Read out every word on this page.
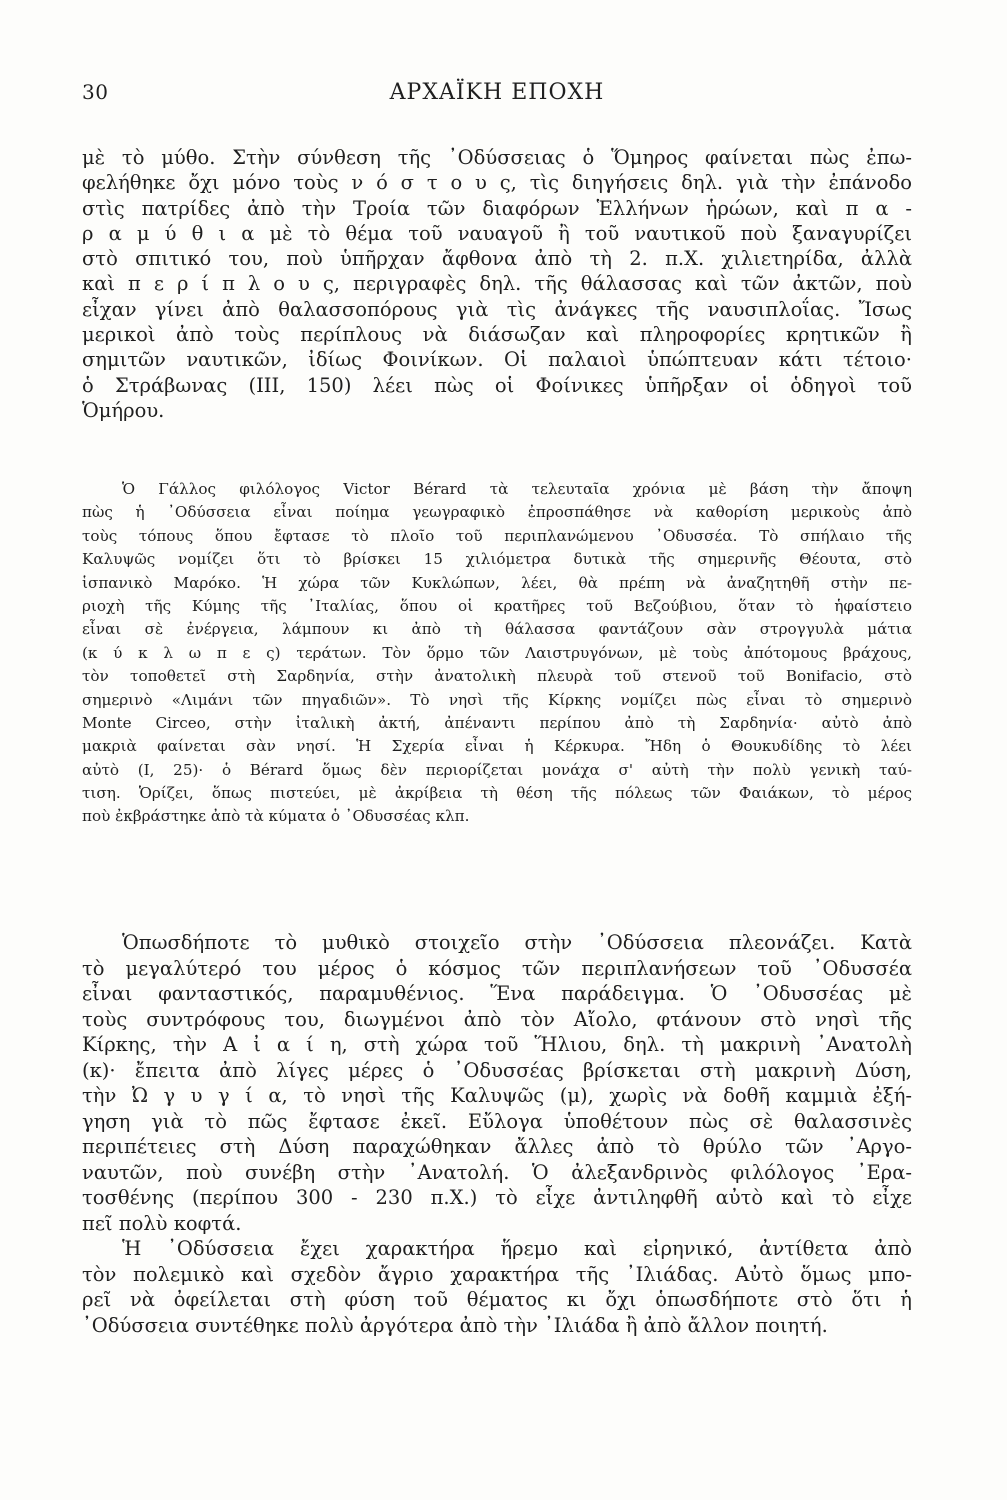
30	ΑΡΧΑΪΚΗ ΕΠΟΧΗ
μὲ τὸ μύθο. Στὴν σύνθεση τῆς ᾿Οδύσσειας ὁ Ὅμηρος φαίνεται πὼς ἐπω-
φελήθηκε ὄχι μόνο τοὺς ν ό σ τ ο υ ς, τὶς διηγήσεις δηλ. γιὰ τὴν ἐπάνοδο
στὶς πατρίδες ἀπὸ τὴν Τροία τῶν διαφόρων Ἑλλήνων ἡρώων, καὶ π α -
ρ α μ ύ θ ι α μὲ τὸ θέμα τοῦ ναυαγοῦ ἢ τοῦ ναυτικοῦ ποὺ ξαναγυρίζει
στὸ σπιτικό του, ποὺ ὑπῆρχαν ἄφθονα ἀπὸ τὴ 2. π.Χ. χιλιετηρίδα, ἀλλὰ
καὶ π ε ρ ί π λ ο υ ς, περιγραφὲς δηλ. τῆς θάλασσας καὶ τῶν ἀκτῶν, ποὺ
εἶχαν γίνει ἀπὸ θαλασσοπόρους γιὰ τὶς ἀνάγκες τῆς ναυσιπλοΐας. Ἴσως
μερικοὶ ἀπὸ τοὺς περίπλους νὰ διάσωζαν καὶ πληροφορίες κρητικῶν ἢ
σημιτῶν ναυτικῶν, ἰδίως Φοινίκων. Οἱ παλαιοὶ ὑπώπτευαν κάτι τέτοιο·
ὁ Στράβωνας (III, 150) λέει πὼς οἱ Φοίνικες ὑπῆρξαν οἱ ὁδηγοὶ τοῦ
Ὁμήρου.
Ὁ Γάλλος φιλόλογος Victor Bérard τὰ τελευταῖα χρόνια μὲ βάση τὴν ἄποψη
πὼς ἡ ᾿Οδύσσεια εἶναι ποίημα γεωγραφικὸ ἐπροσπάθησε νὰ καθορίση μερικοὺς ἀπὸ
τοὺς τόπους ὅπου ἔφτασε τὸ πλοῖο τοῦ περιπλανώμενου ᾿Οδυσσέα. Τὸ σπήλαιο τῆς
Καλυψῶς νομίζει ὅτι τὸ βρίσκει 15 χιλιόμετρα δυτικὰ τῆς σημερινῆς Θέουτα, στὸ
ἱσπανικὸ Μαρόκο. Ἡ χώρα τῶν Κυκλώπων, λέει, θὰ πρέπη νὰ ἀναζητηθῆ στὴν πε-
ριοχὴ τῆς Κύμης τῆς ᾿Ιταλίας, ὅπου οἱ κρατῆρες τοῦ Βεζούβιου, ὅταν τὸ ἡφαίστειο
εἶναι σὲ ἐνέργεια, λάμπουν κι ἀπὸ τὴ θάλασσα φαντάζουν σὰν στρογγυλὰ μάτια
(κ ύ κ λ ω π ε ς) τεράτων. Τὸν ὅρμο τῶν Λαιστρυγόνων, μὲ τοὺς ἀπότομους βράχους,
τὸν τοποθετεῖ στὴ Σαρδηνία, στὴν ἀνατολικὴ πλευρὰ τοῦ στενοῦ τοῦ Bonifacio, στὸ
σημερινὸ «Λιμάνι τῶν πηγαδιῶν». Τὸ νησὶ τῆς Κίρκης νομίζει πὼς εἶναι τὸ σημερινὸ
Monte Circeo, στὴν ἰταλικὴ ἀκτή, ἀπέναντι περίπου ἀπὸ τὴ Σαρδηνία· αὐτὸ ἀπὸ
μακριὰ φαίνεται σὰν νησί. Ἡ Σχερία εἶναι ἡ Κέρκυρα. Ἤδη ὁ Θουκυδίδης τὸ λέει
αὐτὸ (I, 25)· ὁ Bérard ὅμως δὲν περιορίζεται μονάχα σ' αὐτὴ τὴν πολὺ γενικὴ ταύ-
τιση. Ὁρίζει, ὅπως πιστεύει, μὲ ἀκρίβεια τὴ θέση τῆς πόλεως τῶν Φαιάκων, τὸ μέρος
ποὺ ἐκβράστηκε ἀπὸ τὰ κύματα ὁ ᾿Οδυσσέας κλπ.
Ὁπωσδήποτε τὸ μυθικὸ στοιχεῖο στὴν ᾿Οδύσσεια πλεονάζει. Κατὰ
τὸ μεγαλύτερό του μέρος ὁ κόσμος τῶν περιπλανήσεων τοῦ ᾿Οδυσσέα
εἶναι φανταστικός, παραμυθένιος. Ἕνα παράδειγμα. Ὁ ᾿Οδυσσέας μὲ
τοὺς συντρόφους του, διωγμένοι ἀπὸ τὸν Αἴολο, φτάνουν στὸ νησὶ τῆς
Κίρκης, τὴν Α ἰ α ί η, στὴ χώρα τοῦ Ἥλιου, δηλ. τὴ μακρινὴ ᾿Ανατολὴ
(κ)· ἔπειτα ἀπὸ λίγες μέρες ὁ ᾿Οδυσσέας βρίσκεται στὴ μακρινὴ Δύση,
τὴν Ὠ γ υ γ ί α, τὸ νησὶ τῆς Καλυψῶς (μ), χωρὶς νὰ δοθῆ καμμιὰ ἐξή-
γηση γιὰ τὸ πῶς ἔφτασε ἐκεῖ. Εὔλογα ὑποθέτουν πὼς σὲ θαλασσινὲς
περιπέτειες στὴ Δύση παραχώθηκαν ἄλλες ἀπὸ τὸ θρύλο τῶν ᾿Αργο-
ναυτῶν, ποὺ συνέβη στὴν ᾿Ανατολή. Ὁ ἀλεξανδρινὸς φιλόλογος ᾿Ερα-
τοσθένης (περίπου 300 - 230 π.Χ.) τὸ εἶχε ἀντιληφθῆ αὐτὸ καὶ τὸ εἶχε
πεῖ πολὺ κοφτά.
Ἡ ᾿Οδύσσεια ἔχει χαρακτήρα ἥρεμο καὶ εἰρηνικό, ἀντίθετα ἀπὸ
τὸν πολεμικὸ καὶ σχεδὸν ἄγριο χαρακτήρα τῆς ᾿Ιλιάδας. Αὐτὸ ὅμως μπο-
ρεῖ νὰ ὀφείλεται στὴ φύση τοῦ θέματος κι ὄχι ὁπωσδήποτε στὸ ὅτι ἡ
᾿Οδύσσεια συντέθηκε πολὺ ἀργότερα ἀπὸ τὴν ᾿Ιλιάδα ἢ ἀπὸ ἄλλον ποιητή.
